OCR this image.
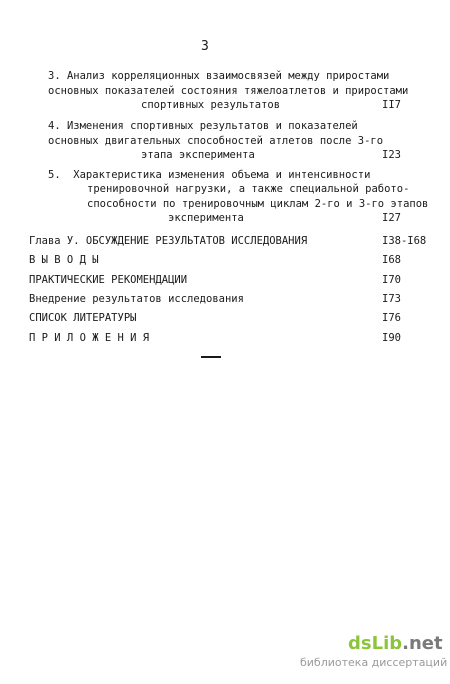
3
3. Анализ корреляционных взаимосвязей между приростами
основных показателей состояния тяжелоатлетов и приростами
спортивных результатов	II7
4. Изменения спортивных результатов и показателей
основных двигательных способностей атлетов после 3-го
этапа эксперимента	I23
5.  Характеристика изменения объема и интенсивности
тренировочной нагрузки, а также специальной работо-
способности по тренировочным циклам 2-го и 3-го этапов
эксперимента	I27
Глава У. ОБСУЖДЕНИЕ РЕЗУЛЬТАТОВ ИССЛЕДОВАНИЯ	I38-I68
В Ы В О Д Ы	I68
ПРАКТИЧЕСКИЕ РЕКОМЕНДАЦИИ	I70
Внедрение результатов исследования	I73
СПИСОК ЛИТЕРАТУРЫ	I76
П Р И Л О Ж Е Н И Я	I90
dsLib.net
библиотека диссертаций
